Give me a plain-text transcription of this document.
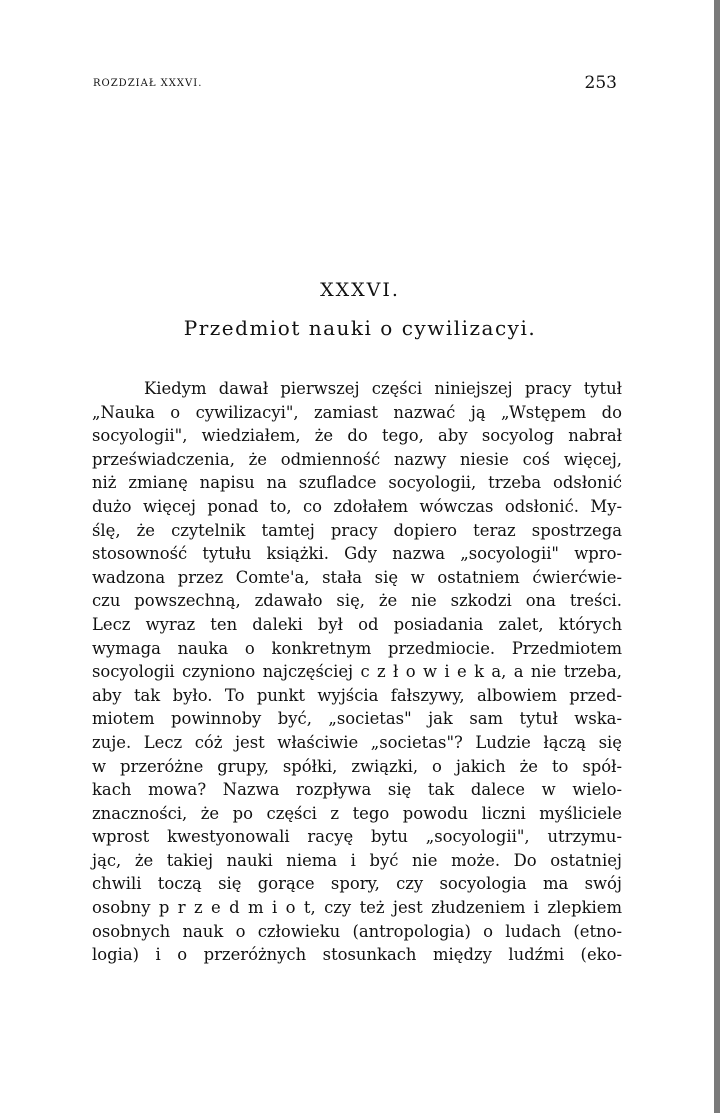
ROZDZIAŁ XXXVI.	253
XXXVI.
Przedmiot nauki o cywilizacyi.
Kiedym dawał pierwszej części niniejszej pracy tytuł
„Nauka o cywilizacyi", zamiast nazwać ją „Wstępem do
socyologii", wiedziałem, że do tego, aby socyolog nabrał
przeświadczenia, że odmienność nazwy niesie coś więcej,
niż zmianę napisu na szufladce socyologii, trzeba odsłonić
dużo więcej ponad to, co zdołałem wówczas odsłonić. My-
ślę, że czytelnik tamtej pracy dopiero teraz spostrzega
stosowność tytułu książki. Gdy nazwa „socyologii" wpro-
wadzona przez Comte'a, stała się w ostatniem ćwierćwie-
czu powszechną, zdawało się, że nie szkodzi ona treści.
Lecz wyraz ten daleki był od posiadania zalet, których
wymaga nauka o konkretnym przedmiocie. Przedmiotem
socyologii czyniono najczęściej c z ł o w i e k a, a nie trzeba,
aby tak było. To punkt wyjścia fałszywy, albowiem przed-
miotem powinnoby być, „societas" jak sam tytuł wska-
zuje. Lecz cóż jest właściwie „societas"? Ludzie łączą się
w przeróżne grupy, spółki, związki, o jakich że to spół-
kach mowa? Nazwa rozpływa się tak dalece w wielo-
znaczności, że po części z tego powodu liczni myśliciele
wprost kwestyonowali racyę bytu „socyologii", utrzymu-
jąc, że takiej nauki niema i być nie może. Do ostatniej
chwili toczą się gorące spory, czy socyologia ma swój
osobny p r z e d m i o t, czy też jest złudzeniem i zlepkiem
osobnych nauk o człowieku (antropologia) o ludach (etno-
logia) i o przeróżnych stosunkach między ludźmi (eko-
